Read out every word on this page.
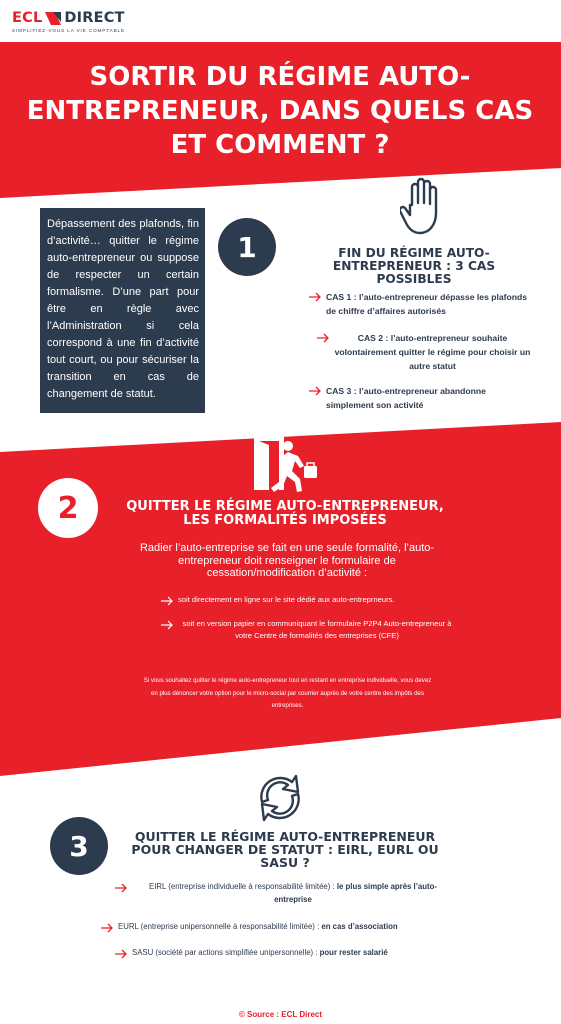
ECL DIRECT
SIMPLIFIEZ-VOUS LA VIE COMPTABLE
SORTIR DU RÉGIME AUTO-ENTREPRENEUR, DANS QUELS CAS ET COMMENT ?
Dépassement des plafonds, fin d’activité… quitter le régime auto-entrepreneur ou suppose de respecter un certain formalisme. D’une part pour être en règle avec l’Administration si cela correspond à une fin d’activité tout court, ou pour sécuriser la transition en cas de changement de statut.
1	FIN DU RÉGIME AUTO-ENTREPRENEUR : 3 CAS POSSIBLES
CAS 1 : l’auto-entrepreneur dépasse les plafonds de chiffre d’affaires autorisés
CAS 2 : l’auto-entrepreneur souhaite volontairement quitter le régime pour choisir un autre statut
CAS 3 : l’auto-entrepreneur abandonne simplement son activité
2	QUITTER LE RÉGIME AUTO-ENTREPRENEUR, LES FORMALITÉS IMPOSÉES
Radier l’auto-entreprise se fait en une seule formalité, l’auto-entrepreneur doit renseigner le formulaire de cessation/modification d’activité :
soit directement en ligne sur le site dédié aux auto-entreprneurs.
soit en version papier en communiquant le formulaire P2P4 Auto-entrepreneur à votre Centre de formalités des entreprises (CFE)
Si vous souhaitez quitter le régime auto-entrepreneur tout en restant en entreprise individuelle, vous devez en plus dénoncer votre option pour le micro-social par courrier auprès de votre centre des impôts des entreprises.
3	QUITTER LE RÉGIME AUTO-ENTREPRENEUR POUR CHANGER DE STATUT : EIRL, EURL OU SASU ?
EIRL (entreprise individuelle à responsabilité limitée) : le plus simple après l’auto-entreprise
EURL (entreprise unipersonnelle à responsabilité limitée) : en cas d’association
SASU (société par actions simplifiée unipersonnelle) : pour rester salarié
© Source : ECL Direct
